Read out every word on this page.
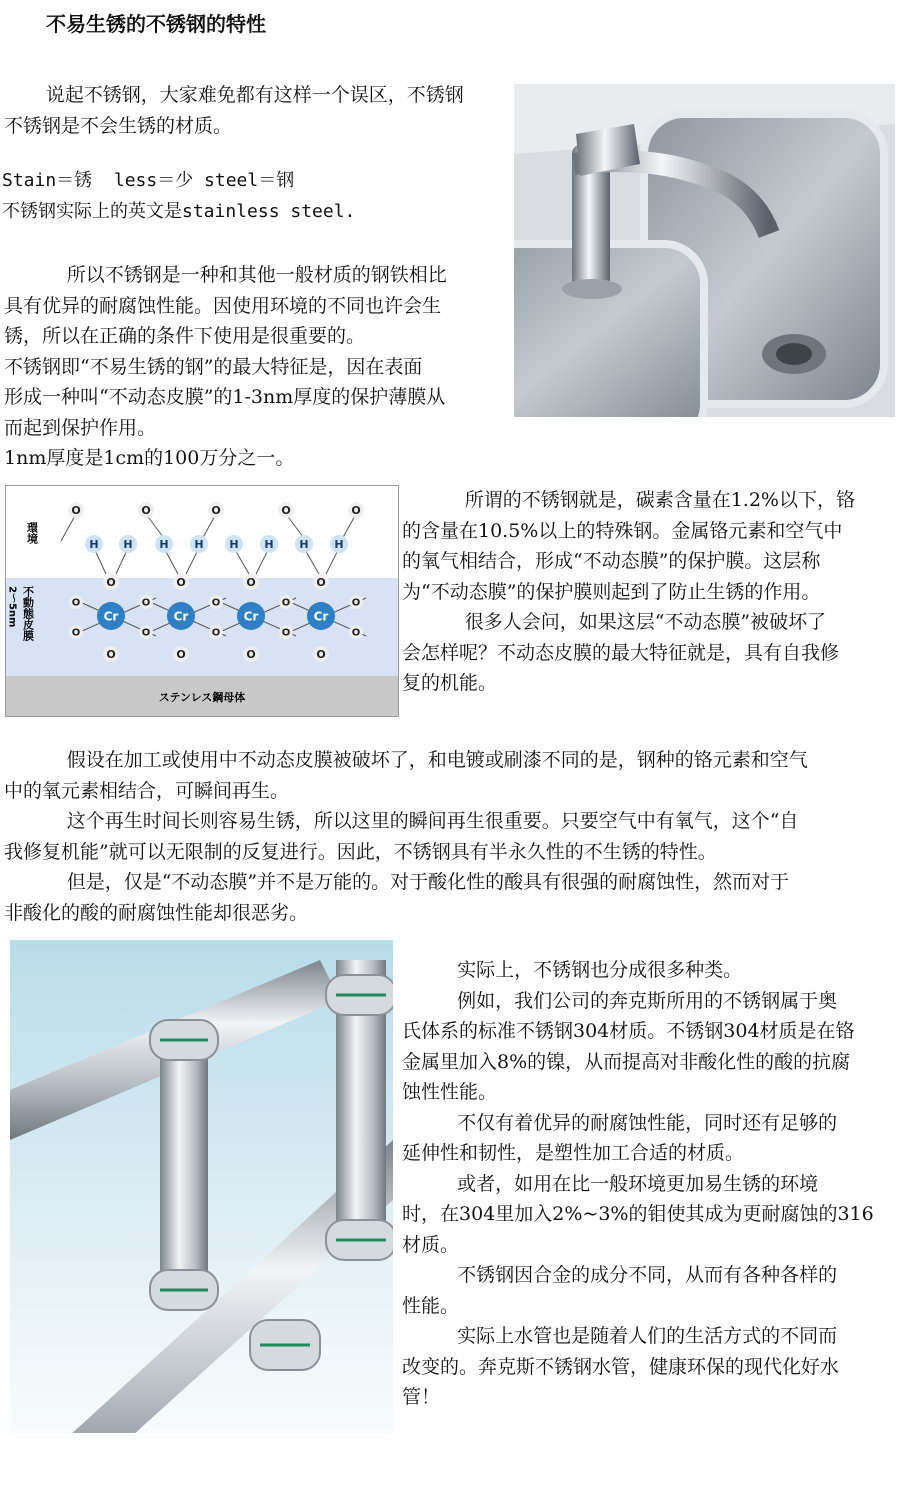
不易生锈的不锈钢的特性
说起不锈钢，大家难免都有这样一个误区，不锈钢
不锈钢是不会生锈的材质。
Stain＝锈  less＝少 steel＝钢
不锈钢实际上的英文是stainless steel.
所以不锈钢是一种和其他一般材质的钢铁相比
具有优异的耐腐蚀性能。因使用环境的不同也许会生
锈，所以在正确的条件下使用是很重要的。
不锈钢即“不易生锈的钢”的最大特征是，因在表面
形成一种叫“不动态皮膜”的1-3nm厚度的保护薄膜从
而起到保护作用。
1nm厚度是1cm的100万分之一。
環境
不動態皮膜
2～5nm
ステンレス鋼母体
O	O	O	O	O
H H H H H H H H
O	O	O	O
Cr	Cr	Cr	Cr
O
O
O
O
O
O
O
O
O
O
O	O	O	O
所谓的不锈钢就是，碳素含量在1.2%以下，铬
的含量在10.5%以上的特殊钢。金属铬元素和空气中
的氧气相结合，形成“不动态膜”的保护膜。这层称
为“不动态膜”的保护膜则起到了防止生锈的作用。
很多人会问，如果这层“不动态膜”被破坏了
会怎样呢？不动态皮膜的最大特征就是，具有自我修
复的机能。
假设在加工或使用中不动态皮膜被破坏了，和电镀或刷漆不同的是，钢种的铬元素和空气
中的氧元素相结合，可瞬间再生。
这个再生时间长则容易生锈，所以这里的瞬间再生很重要。只要空气中有氧气，这个“自
我修复机能”就可以无限制的反复进行。因此，不锈钢具有半永久性的不生锈的特性。
但是，仅是“不动态膜”并不是万能的。对于酸化性的酸具有很强的耐腐蚀性，然而对于
非酸化的酸的耐腐蚀性能却很恶劣。
实际上，不锈钢也分成很多种类。
例如，我们公司的奔克斯所用的不锈钢属于奥
氏体系的标准不锈钢304材质。不锈钢304材质是在铬
金属里加入8%的镍，从而提高对非酸化性的酸的抗腐
蚀性性能。
不仅有着优异的耐腐蚀性能，同时还有足够的
延伸性和韧性，是塑性加工合适的材质。
或者，如用在比一般环境更加易生锈的环境
时，在304里加入2%~3%的钼使其成为更耐腐蚀的316
材质。
不锈钢因合金的成分不同，从而有各种各样的
性能。
实际上水管也是随着人们的生活方式的不同而
改变的。奔克斯不锈钢水管，健康环保的现代化好水
管！
